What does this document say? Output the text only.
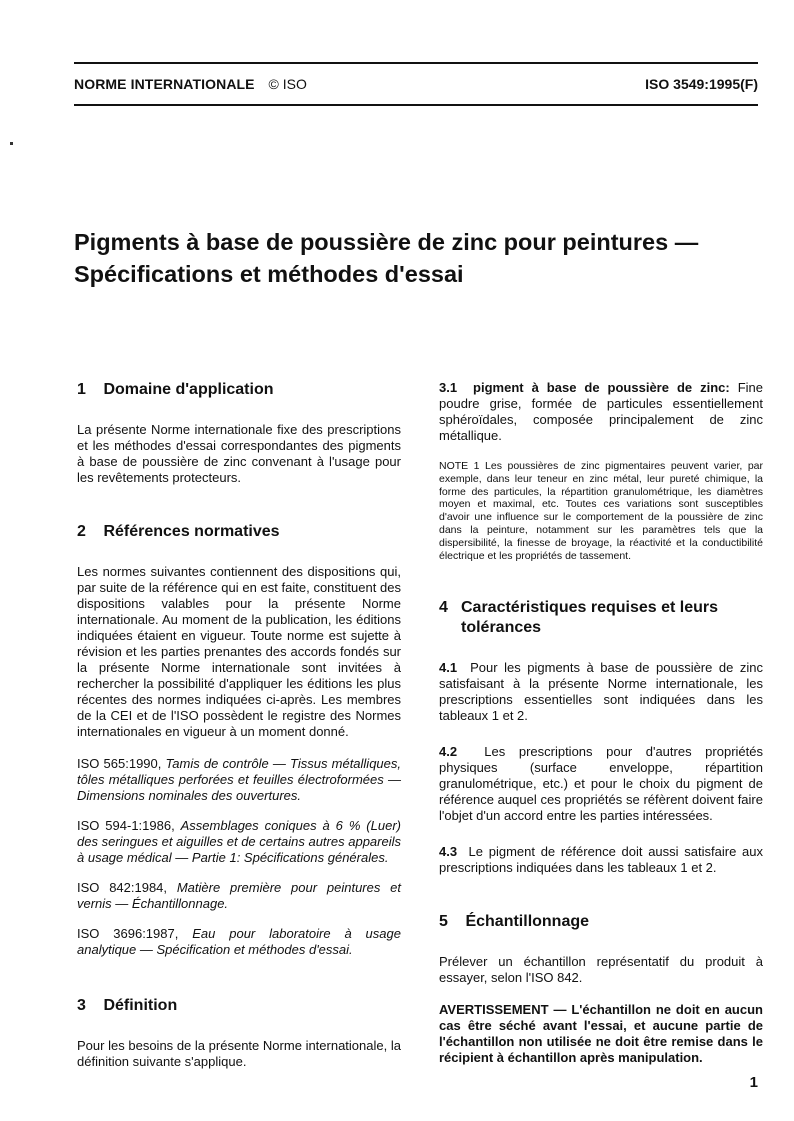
NORME INTERNATIONALE © ISO	ISO 3549:1995(F)
Pigments à base de poussière de zinc pour peintures —
Spécifications et méthodes d'essai
1 Domaine d'application

La présente Norme internationale fixe des prescriptions et les méthodes d'essai correspondantes des pigments à base de poussière de zinc convenant à l'usage pour les revêtements protecteurs.

2 Références normatives

Les normes suivantes contiennent des dispositions qui, par suite de la référence qui en est faite, constituent des dispositions valables pour la présente Norme internationale. Au moment de la publication, les éditions indiquées étaient en vigueur. Toute norme est sujette à révision et les parties prenantes des accords fondés sur la présente Norme internationale sont invitées à rechercher la possibilité d'appliquer les éditions les plus récentes des normes indiquées ci-après. Les membres de la CEI et de l'ISO possèdent le registre des Normes internationales en vigueur à un moment donné.

ISO 565:1990, Tamis de contrôle — Tissus métalliques, tôles métalliques perforées et feuilles électroformées — Dimensions nominales des ouvertures.

ISO 594-1:1986, Assemblages coniques à 6 % (Luer) des seringues et aiguilles et de certains autres appareils à usage médical — Partie 1: Spécifications générales.

ISO 842:1984, Matière première pour peintures et vernis — Échantillonnage.

ISO 3696:1987, Eau pour laboratoire à usage analytique — Spécification et méthodes d'essai.

3 Définition

Pour les besoins de la présente Norme internationale, la définition suivante s'applique.

3.1 pigment à base de poussière de zinc: Fine poudre grise, formée de particules essentiellement sphéroïdales, composée principalement de zinc métallique.

NOTE 1 Les poussières de zinc pigmentaires peuvent varier, par exemple, dans leur teneur en zinc métal, leur pureté chimique, la forme des particules, la répartition granulométrique, les diamètres moyen et maximal, etc. Toutes ces variations sont susceptibles d'avoir une influence sur le comportement de la poussière de zinc dans la peinture, notamment sur les paramètres tels que la dispersibilité, la finesse de broyage, la réactivité et la conductibilité électrique et les propriétés de tassement.

4 Caractéristiques requises et leurs tolérances

4.1 Pour les pigments à base de poussière de zinc satisfaisant à la présente Norme internationale, les prescriptions essentielles sont indiquées dans les tableaux 1 et 2.

4.2 Les prescriptions pour d'autres propriétés physiques (surface enveloppe, répartition granulométrique, etc.) et pour le choix du pigment de référence auquel ces propriétés se réfèrent doivent faire l'objet d'un accord entre les parties intéressées.

4.3 Le pigment de référence doit aussi satisfaire aux prescriptions indiquées dans les tableaux 1 et 2.

5 Échantillonnage

Prélever un échantillon représentatif du produit à essayer, selon l'ISO 842.

AVERTISSEMENT — L'échantillon ne doit en aucun cas être séché avant l'essai, et aucune partie de l'échantillon non utilisée ne doit être remise dans le récipient à échantillon après manipulation.

1
